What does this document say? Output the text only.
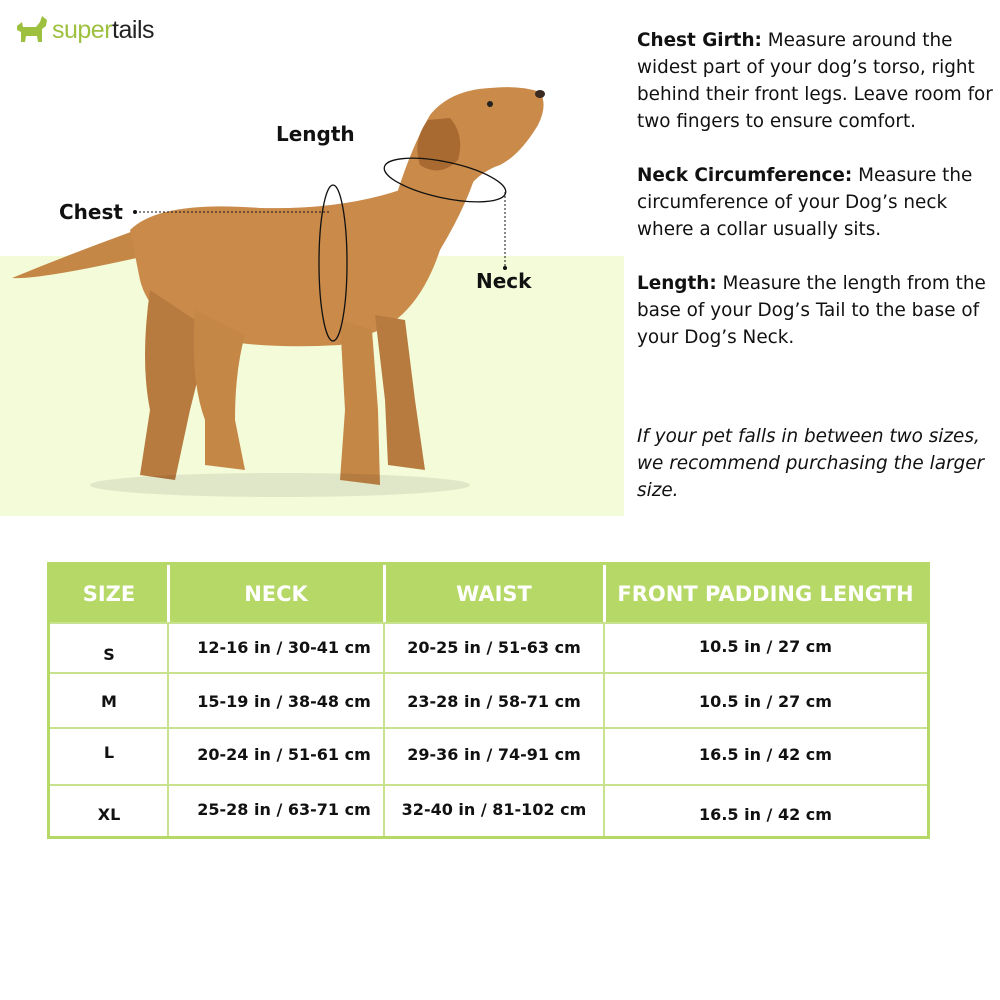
supertails
Length
Chest
Neck
Chest Girth: Measure around the widest part of your dog’s torso, right behind their front legs. Leave room for two fingers to ensure comfort.
Neck Circumference: Measure the circumference of your Dog’s neck where a collar usually sits.
Length: Measure the length from the base of your Dog’s Tail to the base of your Dog’s Neck.
If your pet falls in between two sizes, we recommend purchasing the larger size.
SIZE	NECK	WAIST	FRONT PADDING LENGTH
S	12-16 in / 30-41 cm	20-25 in / 51-63 cm	10.5 in / 27 cm
M	15-19 in / 38-48 cm	23-28 in / 58-71 cm	10.5 in / 27 cm
L	20-24 in / 51-61 cm	29-36 in / 74-91 cm	16.5 in / 42 cm
XL	25-28 in / 63-71 cm	32-40 in / 81-102 cm	16.5 in / 42 cm
